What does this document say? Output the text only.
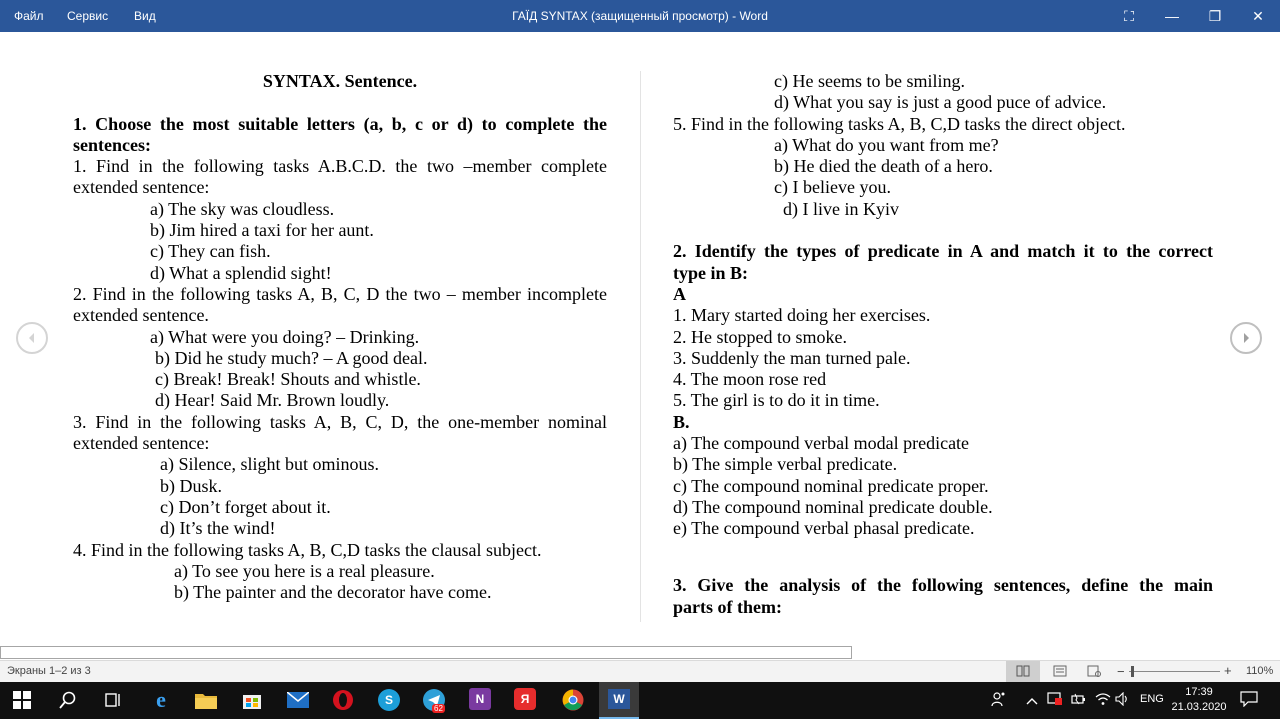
Файл Сервис Вид	ГАЇД SYNTAX (защищенный просмотр) - Word	⛶ — ❐ ✕
SYNTAX. Sentence.
1. Choose the most suitable letters (a, b, c or d) to complete the
sentences:
1. Find in the following tasks A.B.C.D. the two –member complete
extended sentence:
a) The sky was cloudless.
b) Jim hired a taxi for her aunt.
c) They can fish.
d) What a splendid sight!
2. Find in the following tasks A, B, C, D the two – member incomplete
extended sentence.
a) What were you doing? – Drinking.
b) Did he study much? – A good deal.
c) Break! Break! Shouts and whistle.
d) Hear! Said Mr. Brown loudly.
3. Find in the following tasks A, B, C, D, the one-member nominal
extended sentence:
a) Silence, slight but ominous.
b) Dusk.
c) Don’t forget about it.
d) It’s the wind!
4. Find in the following tasks A, B, C,D tasks the clausal subject.
a) To see you here is a real pleasure.
b) The painter and the decorator have come.
c) He seems to be smiling.
d) What you say is just a good puce of advice.
5. Find in the following tasks A, B, C,D tasks the direct object.
a) What do you want from me?
b) He died the death of a hero.
c) I believe you.
d) I live in Kyiv
2. Identify the types of predicate in A and match it to the correct
type in B:
A
1. Mary started doing her exercises.
2. He stopped to smoke.
3. Suddenly the man turned pale.
4. The moon rose red
5. The girl is to do it in time.
B.
a) The compound verbal modal predicate
b) The simple verbal predicate.
c) The compound nominal predicate proper.
d) The compound nominal predicate double.
e) The compound verbal phasal predicate.
3. Give the analysis of the following sentences, define the main
parts of them:
Экраны 1–2 из 3	−	+ 110%
e	S
62
N	Я	W	ENG
17:39
21.03.2020
